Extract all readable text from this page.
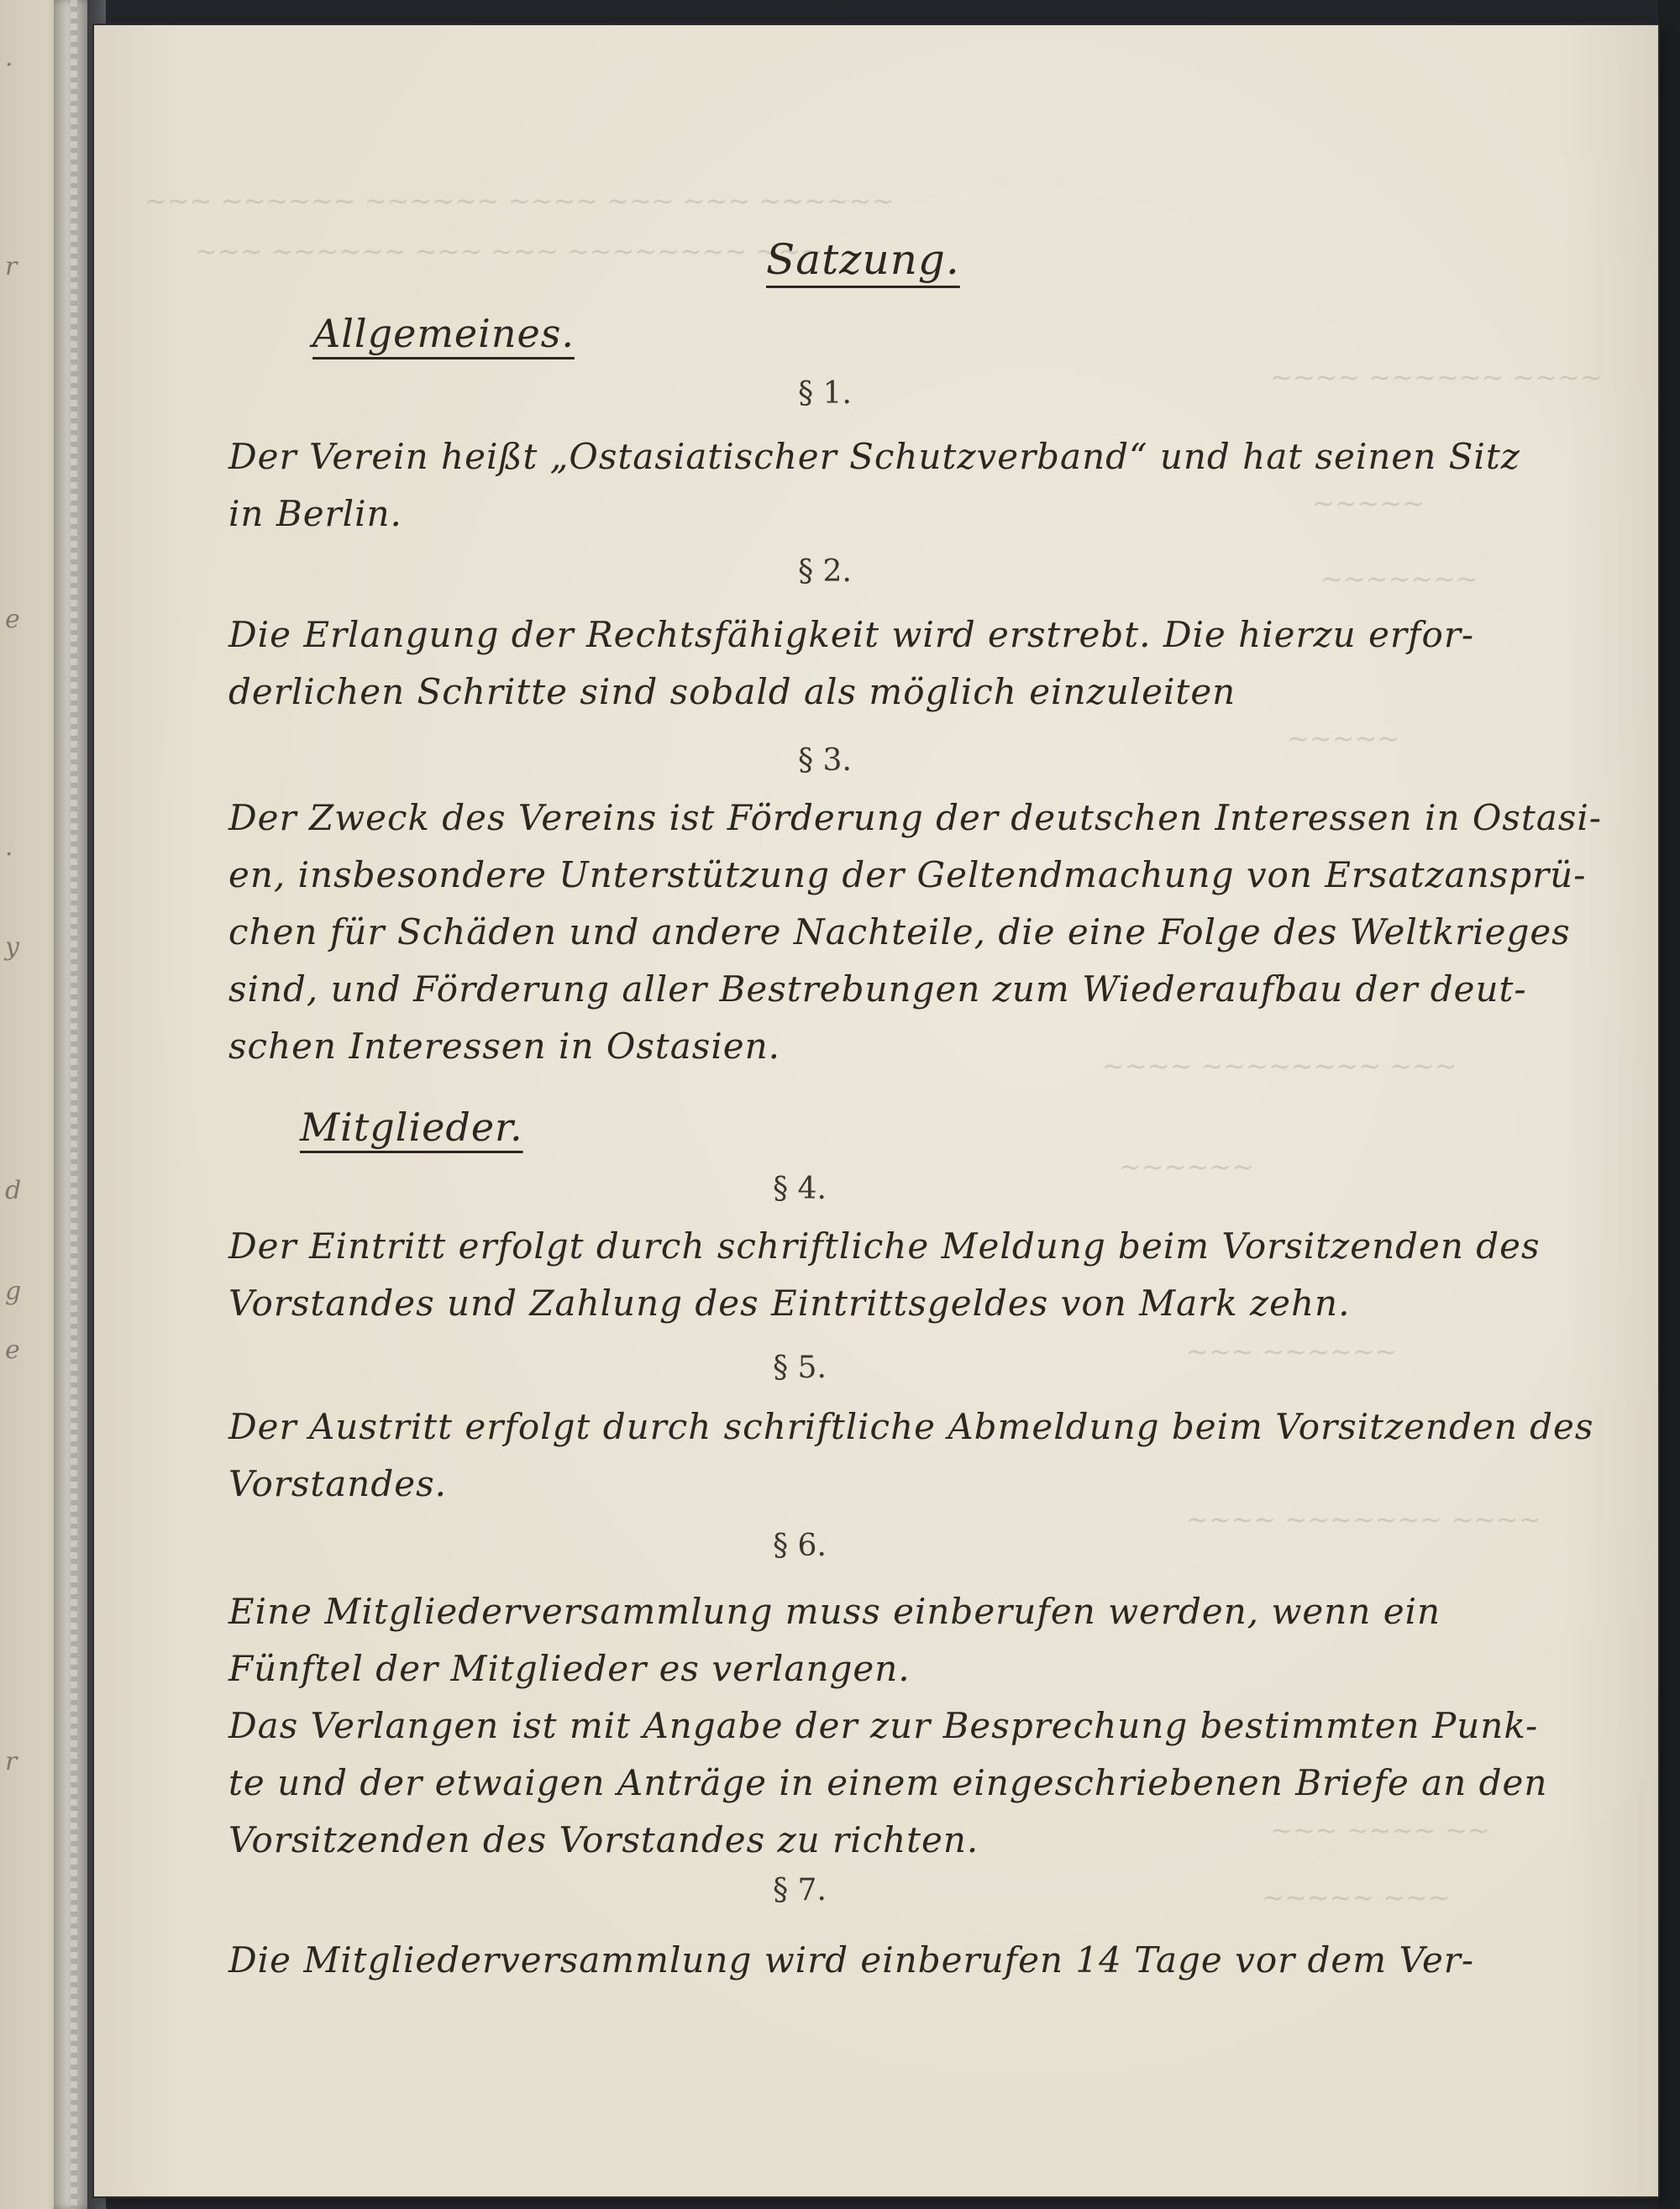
·
r
e
·
y
d
g
e
r
~~~ ~~~~~~ ~~~~~~ ~~~~ ~~~ ~~~ ~~~~~~
~~~ ~~~~~~ ~~~ ~~~ ~~~~~~~~ ~~~
~~~~ ~~~~~~ ~~~~
~~~~~
~~~~~~~
~~~~~
~~~~ ~~~~~~~~ ~~~
~~~~~~
~~~ ~~~~~~
~~~~ ~~~~~~~ ~~~~
~~~ ~~~~ ~~
~~~~~ ~~~
Satzung.
Allgemeines.
§ 1.
Der Verein heißt „Ostasiatischer Schutzverband“ und hat seinen Sitz
in Berlin.
§ 2.
Die Erlangung der Rechtsfähigkeit wird erstrebt. Die hierzu erfor-
derlichen Schritte sind sobald als möglich einzuleiten
§ 3.
Der Zweck des Vereins ist Förderung der deutschen Interessen in Ostasi-
en, insbesondere Unterstützung der Geltendmachung von Ersatzansprü-
chen für Schäden und andere Nachteile, die eine Folge des Weltkrieges
sind, und Förderung aller Bestrebungen zum Wiederaufbau der deut-
schen Interessen in Ostasien.
Mitglieder.
§ 4.
Der Eintritt erfolgt durch schriftliche Meldung beim Vorsitzenden des
Vorstandes und Zahlung des Eintrittsgeldes von Mark zehn.
§ 5.
Der Austritt erfolgt durch schriftliche Abmeldung beim Vorsitzenden des
Vorstandes.
§ 6.
Eine Mitgliederversammlung muss einberufen werden, wenn ein
Fünftel der Mitglieder es verlangen.
Das Verlangen ist mit Angabe der zur Besprechung bestimmten Punk-
te und der etwaigen Anträge in einem eingeschriebenen Briefe an den
Vorsitzenden des Vorstandes zu richten.
§ 7.
Die Mitgliederversammlung wird einberufen 14 Tage vor dem Ver-
